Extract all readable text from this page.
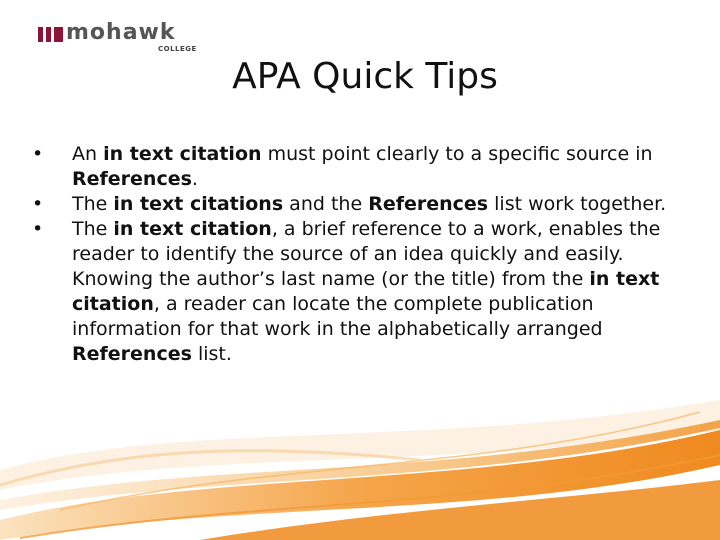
mohawk
COLLEGE
APA Quick Tips
• An in text citation must point clearly to a specific source in References.
• The in text citations and the References list work together.
• The in text citation, a brief reference to a work, enables the reader to identify the source of an idea quickly and easily. Knowing the author’s last name (or the title) from the in text citation, a reader can locate the complete publication information for that work in the alphabetically arranged References list.
